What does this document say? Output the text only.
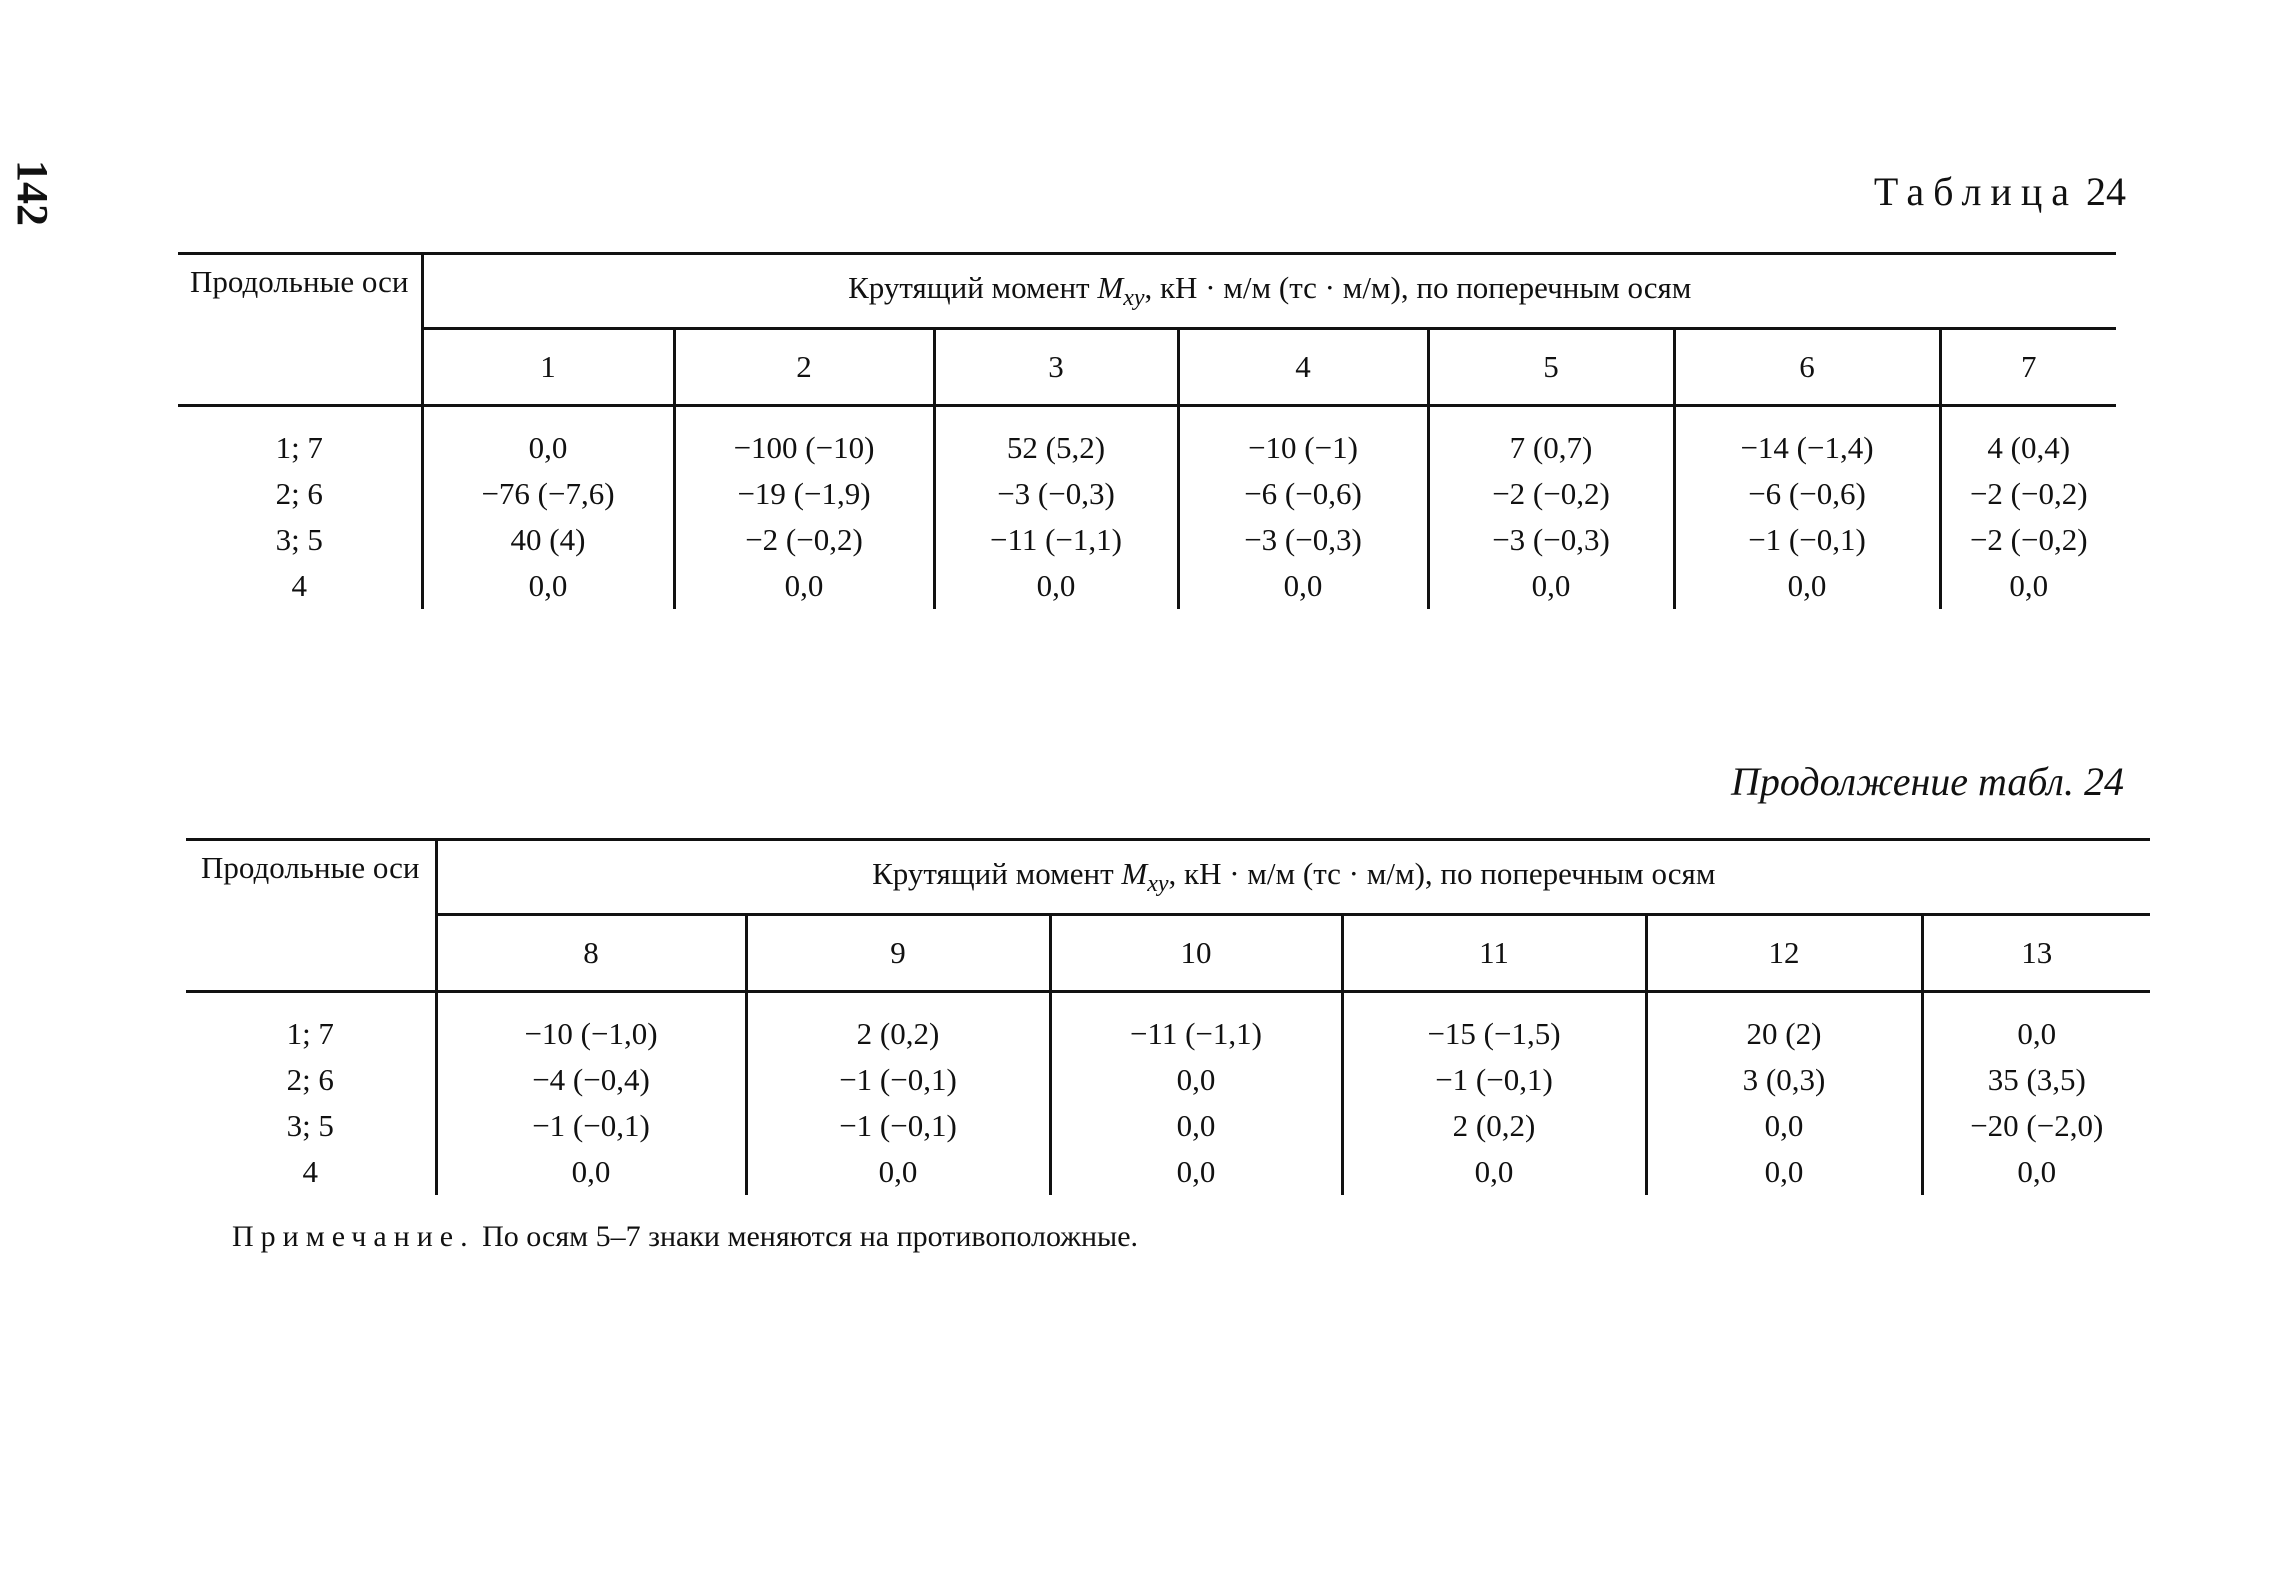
142	Таблица 24
Продольные оси	Крутящий момент $M_{xy}$, кН · м/м (тс · м/м), по поперечным осям						
	1	2	3	4	5	6	7
1; 7	0,0	−100 (−10)	52 (5,2)	−10 (−1)	7 (0,7)	−14 (−1,4)	4 (0,4)
2; 6	−76 (−7,6)	−19 (−1,9)	−3 (−0,3)	−6 (−0,6)	−2 (−0,2)	−6 (−0,6)	−2 (−0,2)
3; 5	40 (4)	−2 (−0,2)	−11 (−1,1)	−3 (−0,3)	−3 (−0,3)	−1 (−0,1)	−2 (−0,2)
4	0,0	0,0	0,0	0,0	0,0	0,0	0,0
Продолжение табл. 24
Продольные оси	Крутящий момент $M_{xy}$, кН · м/м (тс · м/м), по поперечным осям					
	8	9	10	11	12	13
1; 7	−10 (−1,0)	2 (0,2)	−11 (−1,1)	−15 (−1,5)	20 (2)	0,0
2; 6	−4 (−0,4)	−1 (−0,1)	0,0	−1 (−0,1)	3 (0,3)	35 (3,5)
3; 5	−1 (−0,1)	−1 (−0,1)	0,0	2 (0,2)	0,0	−20 (−2,0)
4	0,0	0,0	0,0	0,0	0,0	0,0
Примечание. По осям 5–7 знаки меняются на противоположные.
